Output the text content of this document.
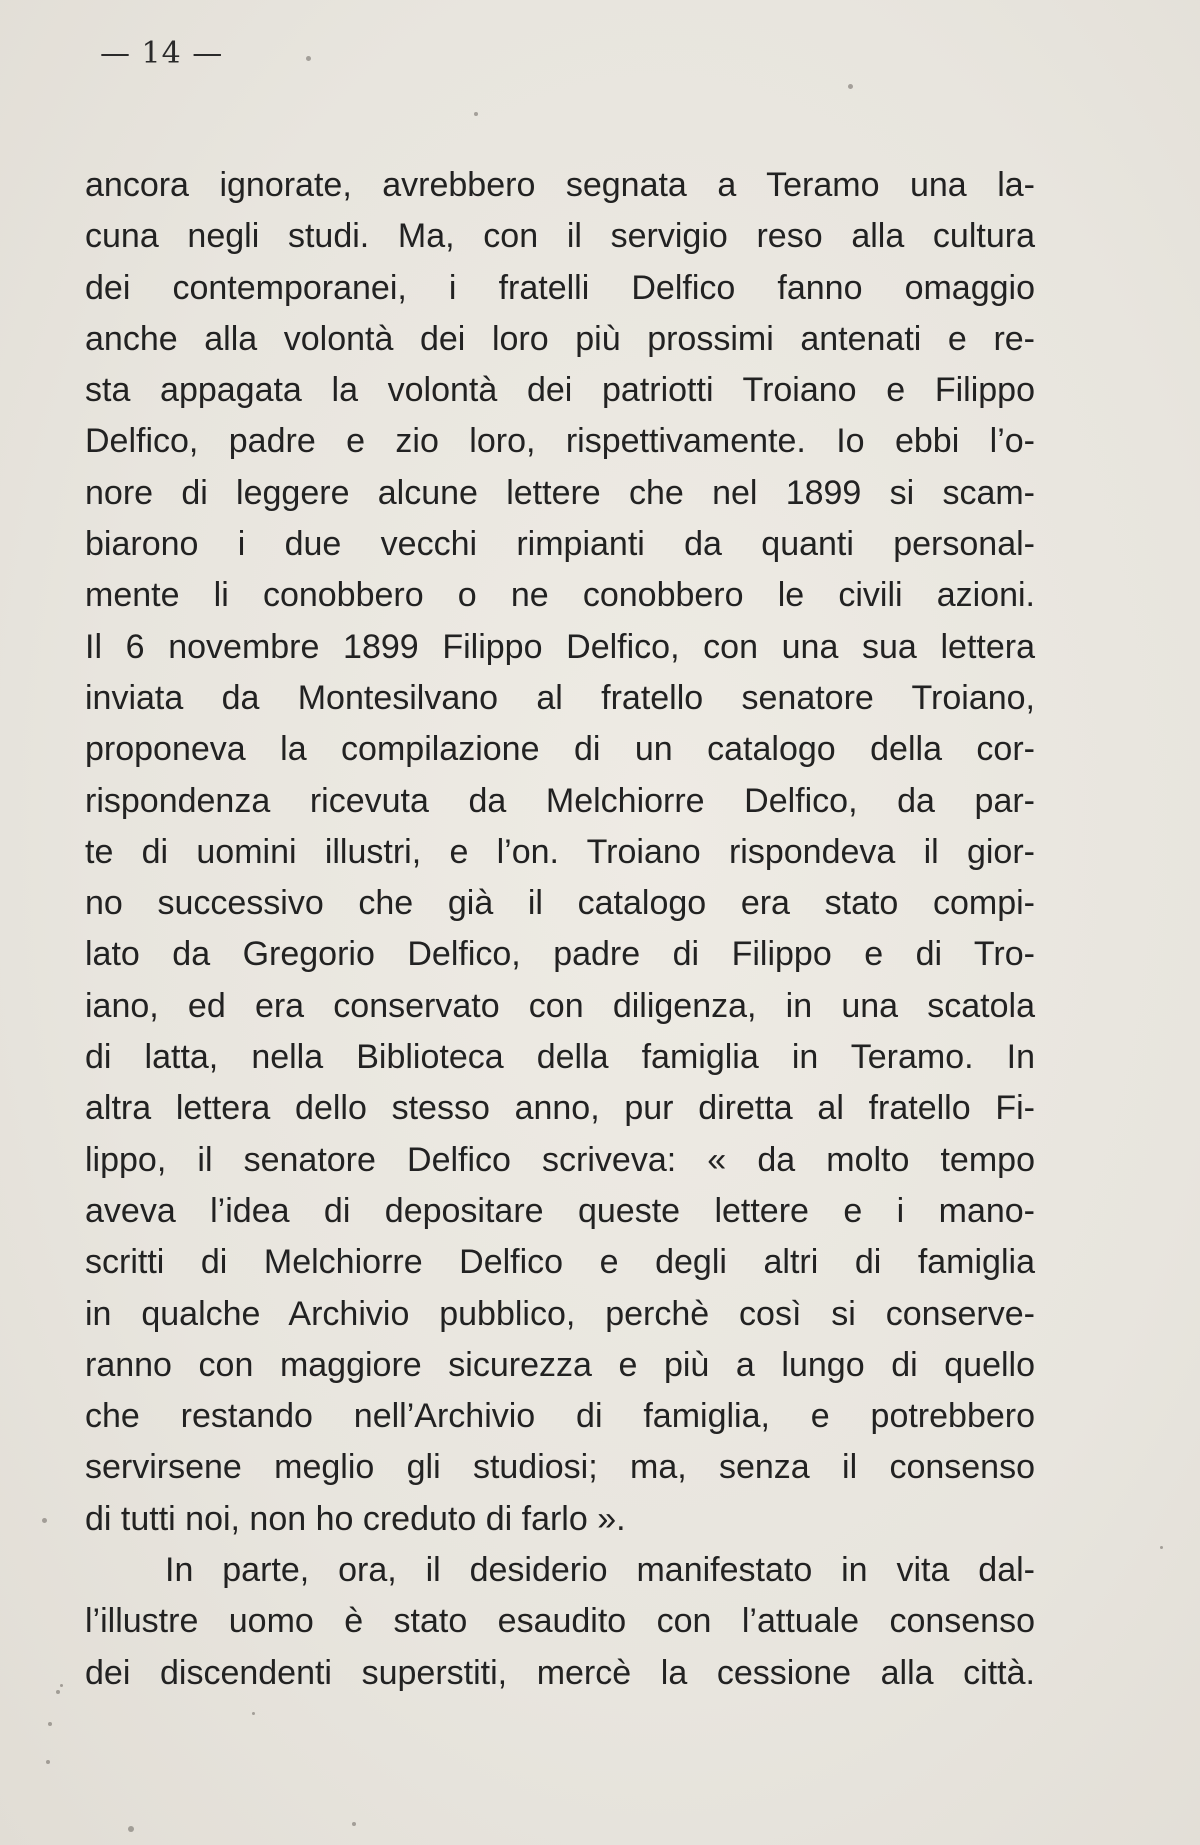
— 14 —
ancora ignorate, avrebbero segnata a Teramo una la-
cuna negli studi. Ma, con il servigio reso alla cultura
dei contemporanei, i fratelli Delfico fanno omaggio
anche alla volontà dei loro più prossimi antenati e re-
sta appagata la volontà dei patriotti Troiano e Filippo
Delfico, padre e zio loro, rispettivamente. Io ebbi l’o-
nore di leggere alcune lettere che nel 1899 si scam-
biarono i due vecchi rimpianti da quanti personal-
mente li conobbero o ne conobbero le civili azioni.
Il 6 novembre 1899 Filippo Delfico, con una sua lettera
inviata da Montesilvano al fratello senatore Troiano,
proponeva la compilazione di un catalogo della cor-
rispondenza ricevuta da Melchiorre Delfico, da par-
te di uomini illustri, e l’on. Troiano rispondeva il gior-
no successivo che già il catalogo era stato compi-
lato da Gregorio Delfico, padre di Filippo e di Tro-
iano, ed era conservato con diligenza, in una scatola
di latta, nella Biblioteca della famiglia in Teramo. In
altra lettera dello stesso anno, pur diretta al fratello Fi-
lippo, il senatore Delfico scriveva: « da molto tempo
aveva l’idea di depositare queste lettere e i mano-
scritti di Melchiorre Delfico e degli altri di famiglia
in qualche Archivio pubblico, perchè così si conserve-
ranno con maggiore sicurezza e più a lungo di quello
che restando nell’Archivio di famiglia, e potrebbero
servirsene meglio gli studiosi; ma, senza il consenso
di tutti noi, non ho creduto di farlo ».
In parte, ora, il desiderio manifestato in vita dal-
l’illustre uomo è stato esaudito con l’attuale consenso
dei discendenti superstiti, mercè la cessione alla città.
